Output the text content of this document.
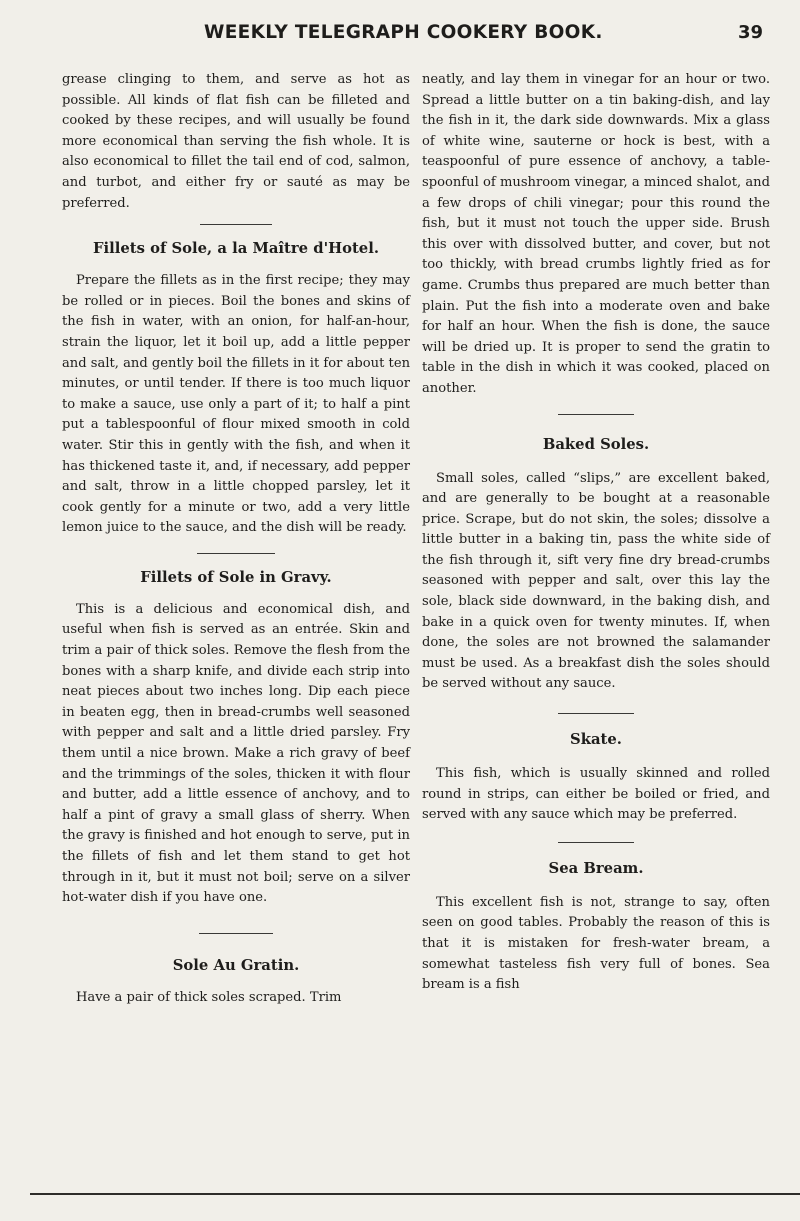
WEEKLY TELEGRAPH COOKERY BOOK.	39

grease clinging to them, and serve as hot as possible. All kinds of flat fish can be filleted and cooked by these recipes, and will usually be found more economical than serving the fish whole. It is also economical to fillet the tail end of cod, salmon, and turbot, and either fry or sauté as may be preferred.

Fillets of Sole, a la Maître d'Hotel.

Prepare the fillets as in the first recipe; they may be rolled or in pieces. Boil the bones and skins of the fish in water, with an onion, for half-an-hour, strain the liquor, let it boil up, add a little pepper and salt, and gently boil the fillets in it for about ten minutes, or until tender. If there is too much liquor to make a sauce, use only a part of it; to half a pint put a tablespoonful of flour mixed smooth in cold water. Stir this in gently with the fish, and when it has thickened taste it, and, if necessary, add pepper and salt, throw in a little chopped parsley, let it cook gently for a minute or two, add a very little lemon juice to the sauce, and the dish will be ready.

Fillets of Sole in Gravy.

This is a delicious and economical dish, and useful when fish is served as an entrée. Skin and trim a pair of thick soles. Remove the flesh from the bones with a sharp knife, and divide each strip into neat pieces about two inches long. Dip each piece in beaten egg, then in bread-crumbs well seasoned with pepper and salt and a little dried parsley. Fry them until a nice brown. Make a rich gravy of beef and the trimmings of the soles, thicken it with flour and butter, add a little essence of anchovy, and to half a pint of gravy a small glass of sherry. When the gravy is finished and hot enough to serve, put in the fillets of fish and let them stand to get hot through in it, but it must not boil; serve on a silver hot-water dish if you have one.

Sole Au Gratin.

Have a pair of thick soles scraped. Trim

neatly, and lay them in vinegar for an hour or two. Spread a little butter on a tin baking-dish, and lay the fish in it, the dark side downwards. Mix a glass of white wine, sauterne or hock is best, with a teaspoonful of pure essence of anchovy, a table-spoonful of mushroom vinegar, a minced shalot, and a few drops of chili vinegar; pour this round the fish, but it must not touch the upper side. Brush this over with dissolved butter, and cover, but not too thickly, with bread crumbs lightly fried as for game. Crumbs thus prepared are much better than plain. Put the fish into a moderate oven and bake for half an hour. When the fish is done, the sauce will be dried up. It is proper to send the gratin to table in the dish in which it was cooked, placed on another.

Baked Soles.

Small soles, called “slips,” are excellent baked, and are generally to be bought at a reasonable price. Scrape, but do not skin, the soles; dissolve a little butter in a baking tin, pass the white side of the fish through it, sift very fine dry bread-crumbs seasoned with pepper and salt, over this lay the sole, black side downward, in the baking dish, and bake in a quick oven for twenty minutes. If, when done, the soles are not browned the salamander must be used. As a breakfast dish the soles should be served without any sauce.

Skate.

This fish, which is usually skinned and rolled round in strips, can either be boiled or fried, and served with any sauce which may be preferred.

Sea Bream.

This excellent fish is not, strange to say, often seen on good tables. Probably the reason of this is that it is mistaken for fresh-water bream, a somewhat tasteless fish very full of bones. Sea bream is a fish
